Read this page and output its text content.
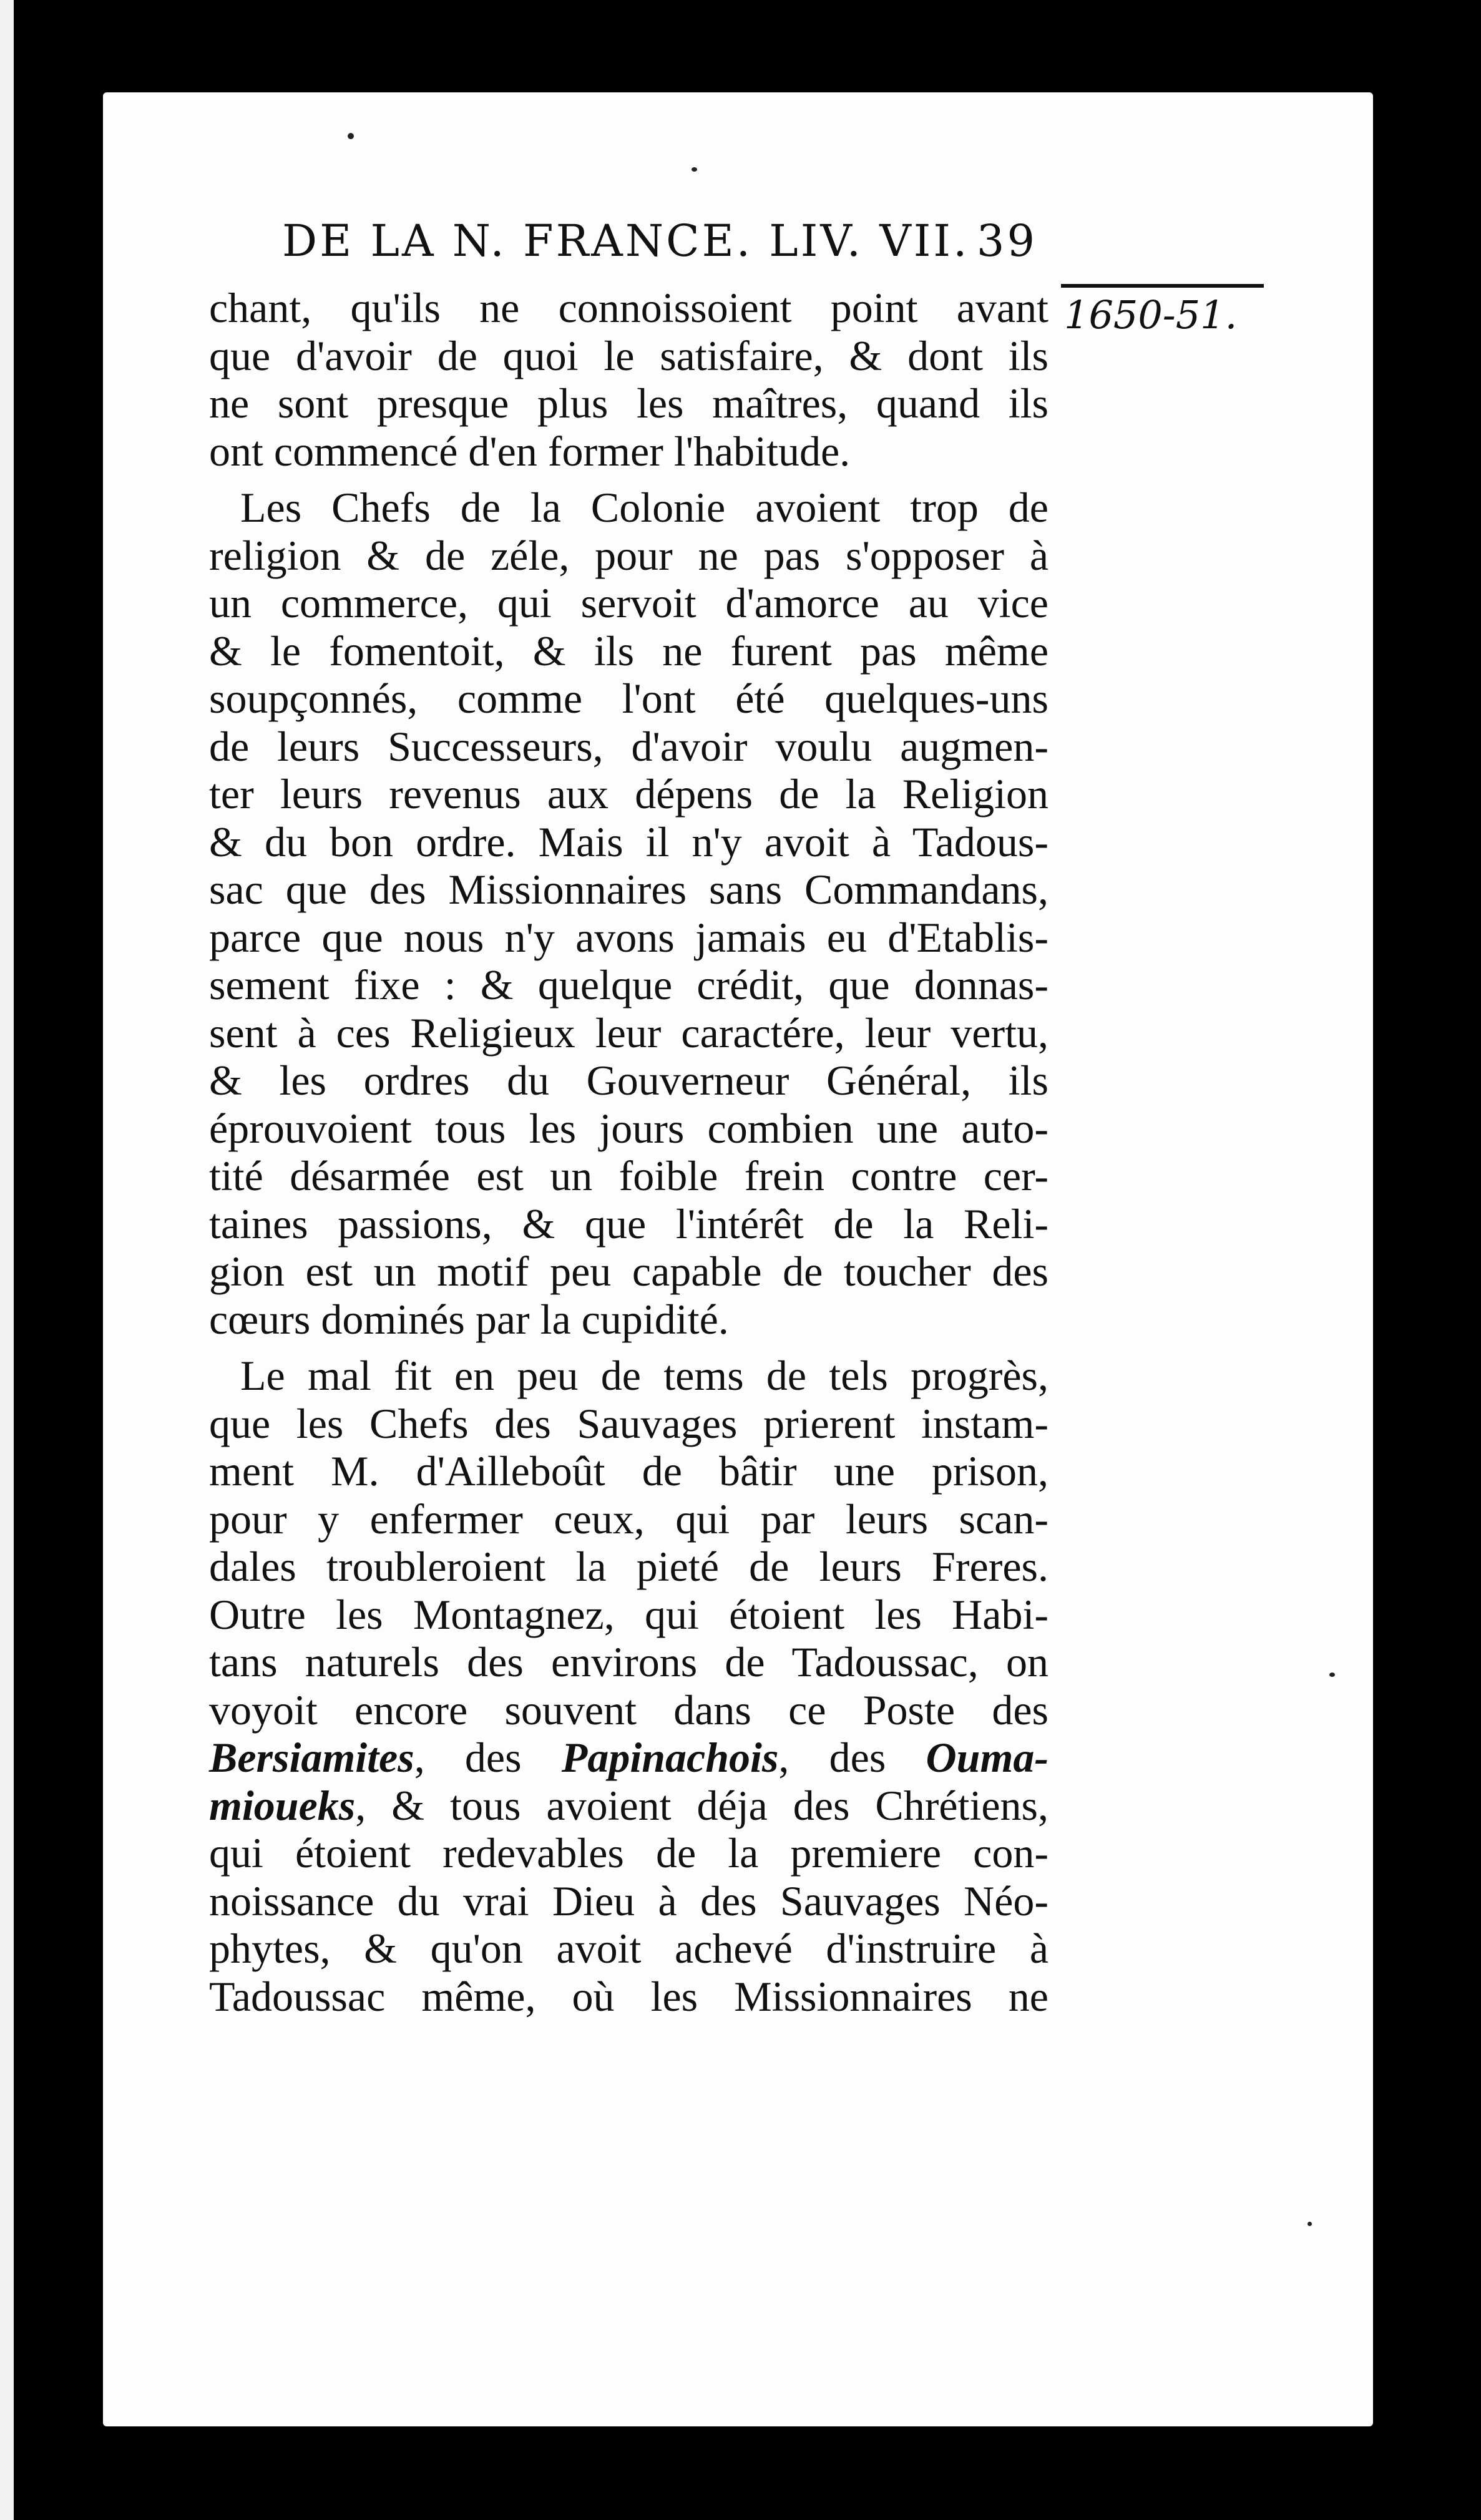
DE LA N. FRANCE. LIV. VII. 39
1650-51.
chant, qu'ils ne connoissoient point avant
que d'avoir de quoi le satisfaire, & dont ils
ne sont presque plus les maîtres, quand ils
ont commencé d'en former l'habitude.
Les Chefs de la Colonie avoient trop de
religion & de zéle, pour ne pas s'opposer à
un commerce, qui servoit d'amorce au vice
& le fomentoit, & ils ne furent pas même
soupçonnés, comme l'ont été quelques-uns
de leurs Successeurs, d'avoir voulu augmen-
ter leurs revenus aux dépens de la Religion
& du bon ordre. Mais il n'y avoit à Tadous-
sac que des Missionnaires sans Commandans,
parce que nous n'y avons jamais eu d'Etablis-
sement fixe : & quelque crédit, que donnas-
sent à ces Religieux leur caractére, leur vertu,
& les ordres du Gouverneur Général, ils
éprouvoient tous les jours combien une auto-
tité désarmée est un foible frein contre cer-
taines passions, & que l'intérêt de la Reli-
gion est un motif peu capable de toucher des
cœurs dominés par la cupidité.
Le mal fit en peu de tems de tels progrès,
que les Chefs des Sauvages prierent instam-
ment M. d'Ailleboût de bâtir une prison,
pour y enfermer ceux, qui par leurs scan-
dales troubleroient la pieté de leurs Freres.
Outre les Montagnez, qui étoient les Habi-
tans naturels des environs de Tadoussac, on
voyoit encore souvent dans ce Poste des
Bersiamites, des Papinachois, des Ouma-
mioueks, & tous avoient déja des Chrétiens,
qui étoient redevables de la premiere con-
noissance du vrai Dieu à des Sauvages Néo-
phytes, & qu'on avoit achevé d'instruire à
Tadoussac même, où les Missionnaires ne
